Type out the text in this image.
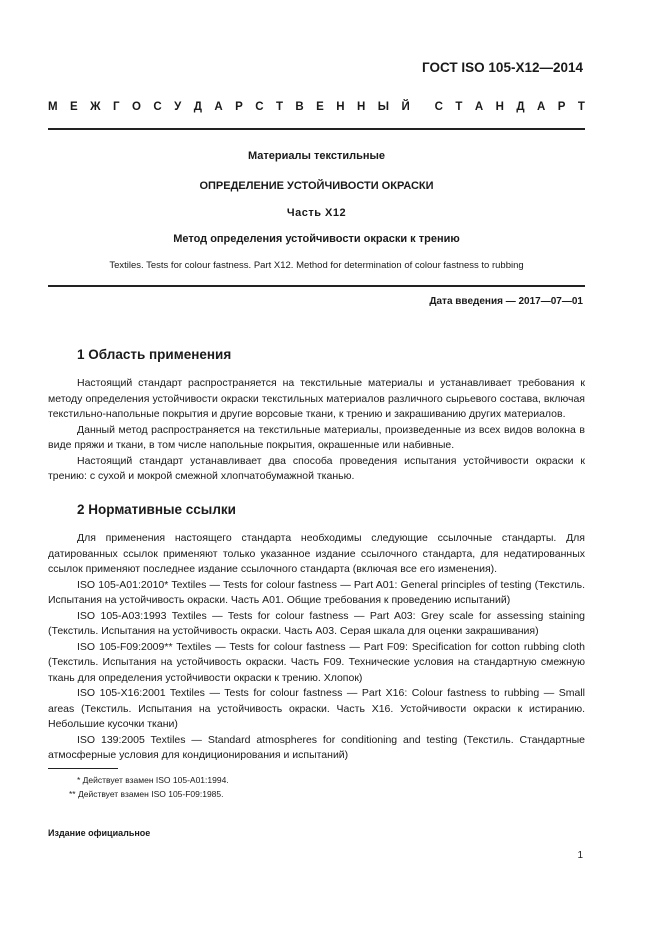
ГОСТ ISO 105-X12—2014
М Е Ж Г О С У Д А Р С Т В Е Н Н Ы Й С Т А Н Д А Р Т
Материалы текстильные
ОПРЕДЕЛЕНИЕ УСТОЙЧИВОСТИ ОКРАСКИ
Часть X12
Метод определения устойчивости окраски к трению
Textiles. Tests for colour fastness. Part X12. Method for determination of colour fastness to rubbing
Дата введения — 2017—07—01
1 Область применения

Настоящий стандарт распространяется на текстильные материалы и устанавливает требования к методу определения устойчивости окраски текстильных материалов различного сырьевого состава, включая текстильно-напольные покрытия и другие ворсовые ткани, к трению и закрашиванию других материалов.

Данный метод распространяется на текстильные материалы, произведенные из всех видов волокна в виде пряжи и ткани, в том числе напольные покрытия, окрашенные или набивные.

Настоящий стандарт устанавливает два способа проведения испытания устойчивости окраски к трению: с сухой и мокрой смежной хлопчатобумажной тканью.

2 Нормативные ссылки

Для применения настоящего стандарта необходимы следующие ссылочные стандарты. Для датированных ссылок применяют только указанное издание ссылочного стандарта, для недатированных ссылок применяют последнее издание ссылочного стандарта (включая все его изменения).

ISO 105-A01:2010* Textiles — Tests for colour fastness — Part A01: General principles of testing (Текстиль. Испытания на устойчивость окраски. Часть A01. Общие требования к проведению испытаний)

ISO 105-A03:1993 Textiles — Tests for colour fastness — Part A03: Grey scale for assessing staining (Текстиль. Испытания на устойчивость окраски. Часть A03. Серая шкала для оценки закрашивания)

ISO 105-F09:2009** Textiles — Tests for colour fastness — Part F09: Specification for cotton rubbing cloth (Текстиль. Испытания на устойчивость окраски. Часть F09. Технические условия на стандартную смежную ткань для определения устойчивости окраски к трению. Хлопок)

ISO 105-X16:2001 Textiles — Tests for colour fastness — Part X16: Colour fastness to rubbing — Small areas (Текстиль. Испытания на устойчивость окраски. Часть X16. Устойчивости окраски к истиранию. Небольшие кусочки ткани)

ISO 139:2005 Textiles — Standard atmospheres for conditioning and testing (Текстиль. Стандартные атмосферные условия для кондиционирования и испытаний)

* Действует взамен ISO 105-A01:1994.
** Действует взамен ISO 105-F09:1985.
Издание официальное
1
